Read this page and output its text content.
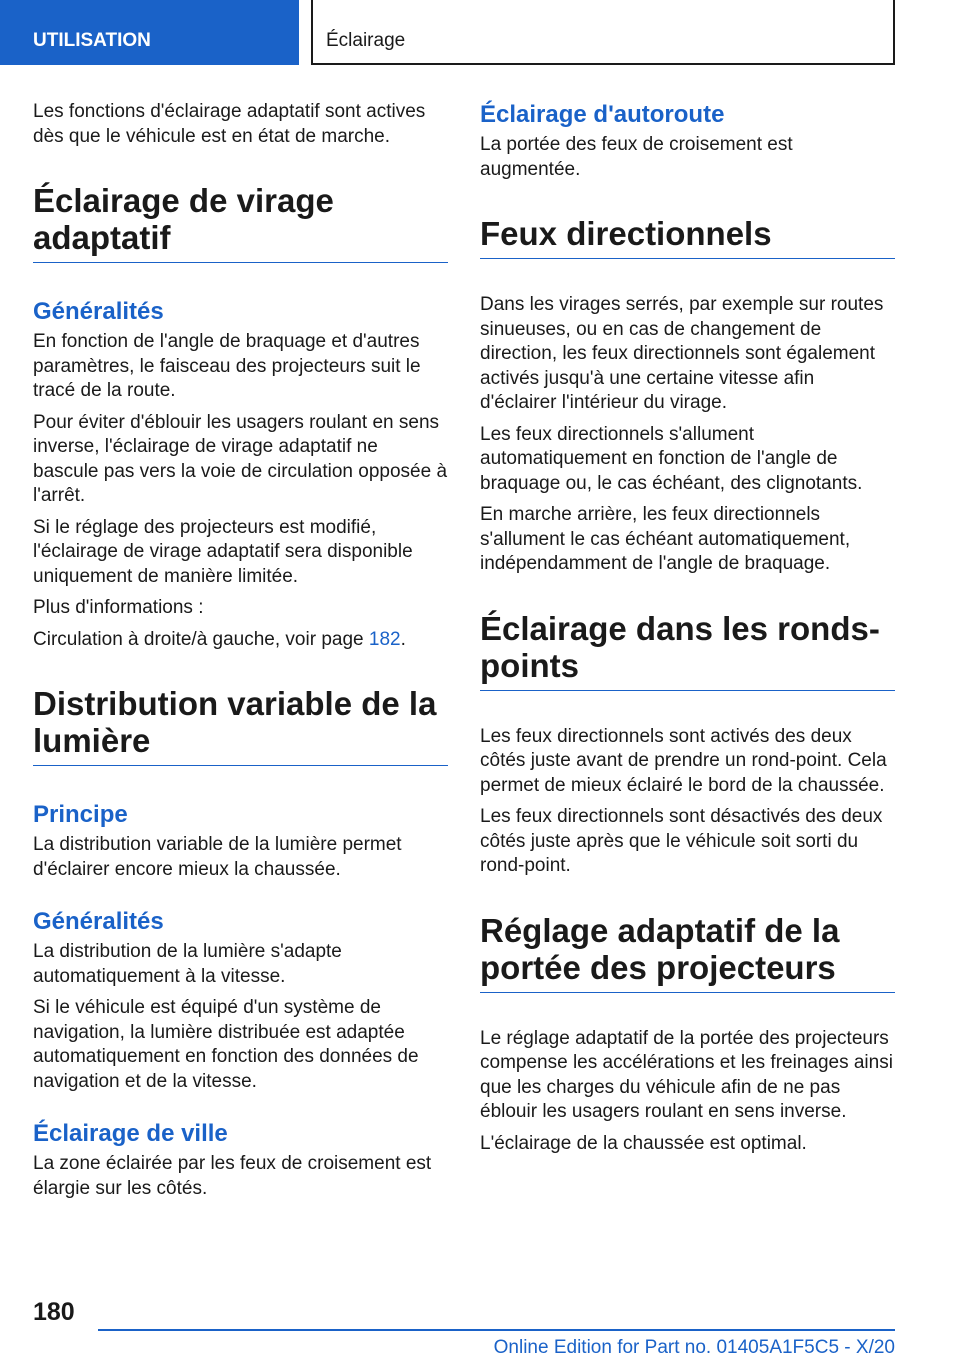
UTILISATION	Éclairage

Les fonctions d'éclairage adaptatif sont actives dès que le véhicule est en état de marche.

Éclairage de virage adaptatif
Généralités

En fonction de l'angle de braquage et d'autres paramètres, le faisceau des projecteurs suit le tracé de la route.

Pour éviter d'éblouir les usagers roulant en sens inverse, l'éclairage de virage adaptatif ne bascule pas vers la voie de circulation opposée à l'arrêt.

Si le réglage des projecteurs est modifié, l'éclairage de virage adaptatif sera disponible uniquement de manière limitée.

Plus d'informations :

Circulation à droite/à gauche, voir page 182.

Distribution variable de la lumière
Principe

La distribution variable de la lumière permet d'éclairer encore mieux la chaussée.

Généralités

La distribution de la lumière s'adapte automatiquement à la vitesse.

Si le véhicule est équipé d'un système de navigation, la lumière distribuée est adaptée automatiquement en fonction des données de navigation et de la vitesse.

Éclairage de ville

La zone éclairée par les feux de croisement est élargie sur les côtés.

Éclairage d'autoroute

La portée des feux de croisement est augmentée.

Feux directionnels

Dans les virages serrés, par exemple sur routes sinueuses, ou en cas de changement de direction, les feux directionnels sont également activés jusqu'à une certaine vitesse afin d'éclairer l'intérieur du virage.

Les feux directionnels s'allument automatiquement en fonction de l'angle de braquage ou, le cas échéant, des clignotants.

En marche arrière, les feux directionnels s'allument le cas échéant automatiquement, indépendamment de l'angle de braquage.

Éclairage dans les ronds-points

Les feux directionnels sont activés des deux côtés juste avant de prendre un rond-point. Cela permet de mieux éclairé le bord de la chaussée.

Les feux directionnels sont désactivés des deux côtés juste après que le véhicule soit sorti du rond-point.

Réglage adaptatif de la portée des projecteurs

Le réglage adaptatif de la portée des projecteurs compense les accélérations et les freinages ainsi que les charges du véhicule afin de ne pas éblouir les usagers roulant en sens inverse.

L'éclairage de la chaussée est optimal.

180
Online Edition for Part no. 01405A1F5C5 - X/20
